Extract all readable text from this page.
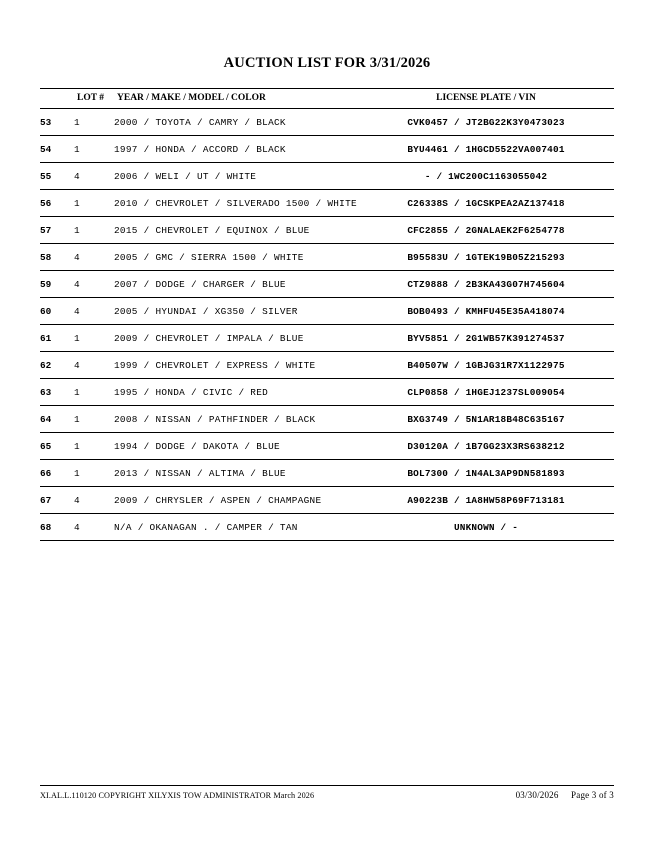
AUCTION LIST FOR 3/31/2026
	LOT #	YEAR / MAKE / MODEL / COLOR	LICENSE PLATE / VIN
53	1	2000 / TOYOTA / CAMRY / BLACK	CVK0457 / JT2BG22K3Y0473023
54	1	1997 / HONDA / ACCORD / BLACK	BYU4461 / 1HGCD5522VA007401
55	4	2006 / WELI / UT / WHITE	- / 1WC200C1163055042
56	1	2010 / CHEVROLET / SILVERADO 1500 / WHITE	C26338S / 1GCSKPEA2AZ137418
57	1	2015 / CHEVROLET / EQUINOX / BLUE	CFC2855 / 2GNALAEK2F6254778
58	4	2005 / GMC / SIERRA 1500 / WHITE	B95583U / 1GTEK19B05Z215293
59	4	2007 / DODGE / CHARGER / BLUE	CTZ9888 / 2B3KA43G07H745604
60	4	2005 / HYUNDAI / XG350 / SILVER	BOB0493 / KMHFU45E35A418074
61	1	2009 / CHEVROLET / IMPALA / BLUE	BYV5851 / 2G1WB57K391274537
62	4	1999 / CHEVROLET / EXPRESS / WHITE	B40507W / 1GBJG31R7X1122975
63	1	1995 / HONDA / CIVIC / RED	CLP0858 / 1HGEJ1237SL009054
64	1	2008 / NISSAN / PATHFINDER / BLACK	BXG3749 / 5N1AR18B48C635167
65	1	1994 / DODGE / DAKOTA / BLUE	D30120A / 1B7GG23X3RS638212
66	1	2013 / NISSAN / ALTIMA / BLUE	BOL7300 / 1N4AL3AP9DN581893
67	4	2009 / CHRYSLER / ASPEN / CHAMPAGNE	A90223B / 1A8HW58P69F713181
68	4	N/A / OKANAGAN . / CAMPER / TAN	UNKNOWN / -
XI.AL.L.110120 COPYRIGHT XILYXIS TOW ADMINISTRATOR March 2026	03/30/2026 Page 3 of 3
